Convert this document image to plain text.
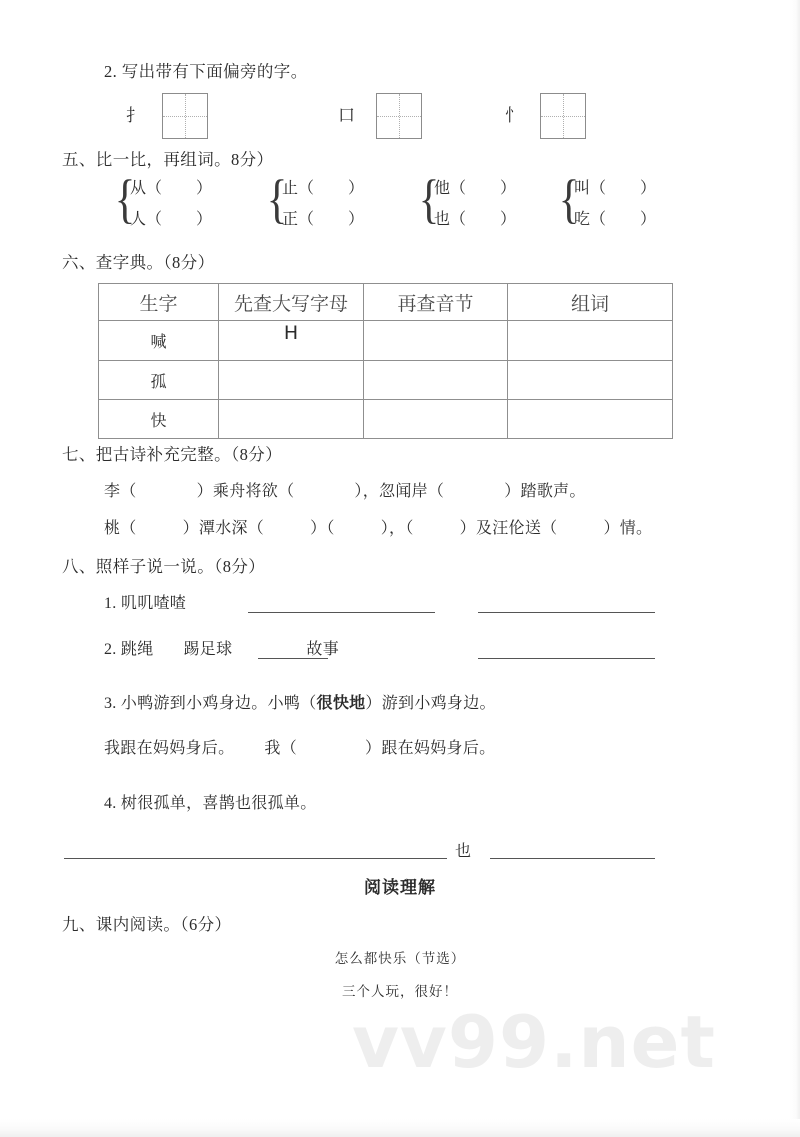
vv99.net
2. 写出带有下面偏旁的字。
扌	口	忄
五、比一比，再组词。8分）
{
从（ ）
人（ ） {
止（ ）
正（ ） {
他（ ）
也（ ） {
叫（ ）
吃（ ）
六、查字典。（8分）
生字	先查大写字母	再查音节	组词
喊	H		
孤			
快			
七、把古诗补充完整。（8分）
李（	）乘舟将欲（	），忽闻岸（	）踏歌声。
桃（	）潭水深（	）（	），（	）及汪伦送（	）情。
八、照样子说一说。（8分）
1. 叽叽喳喳
2. 跳绳 踢足球	故事
3. 小鸭游到小鸡身边。小鸭（很快地）游到小鸡身边。
我跟在妈妈身后。 我（	）跟在妈妈身后。
4. 树很孤单，喜鹊也很孤单。
也
阅读理解
九、课内阅读。（6分）
怎么都快乐（节选）
三个人玩，很好！
